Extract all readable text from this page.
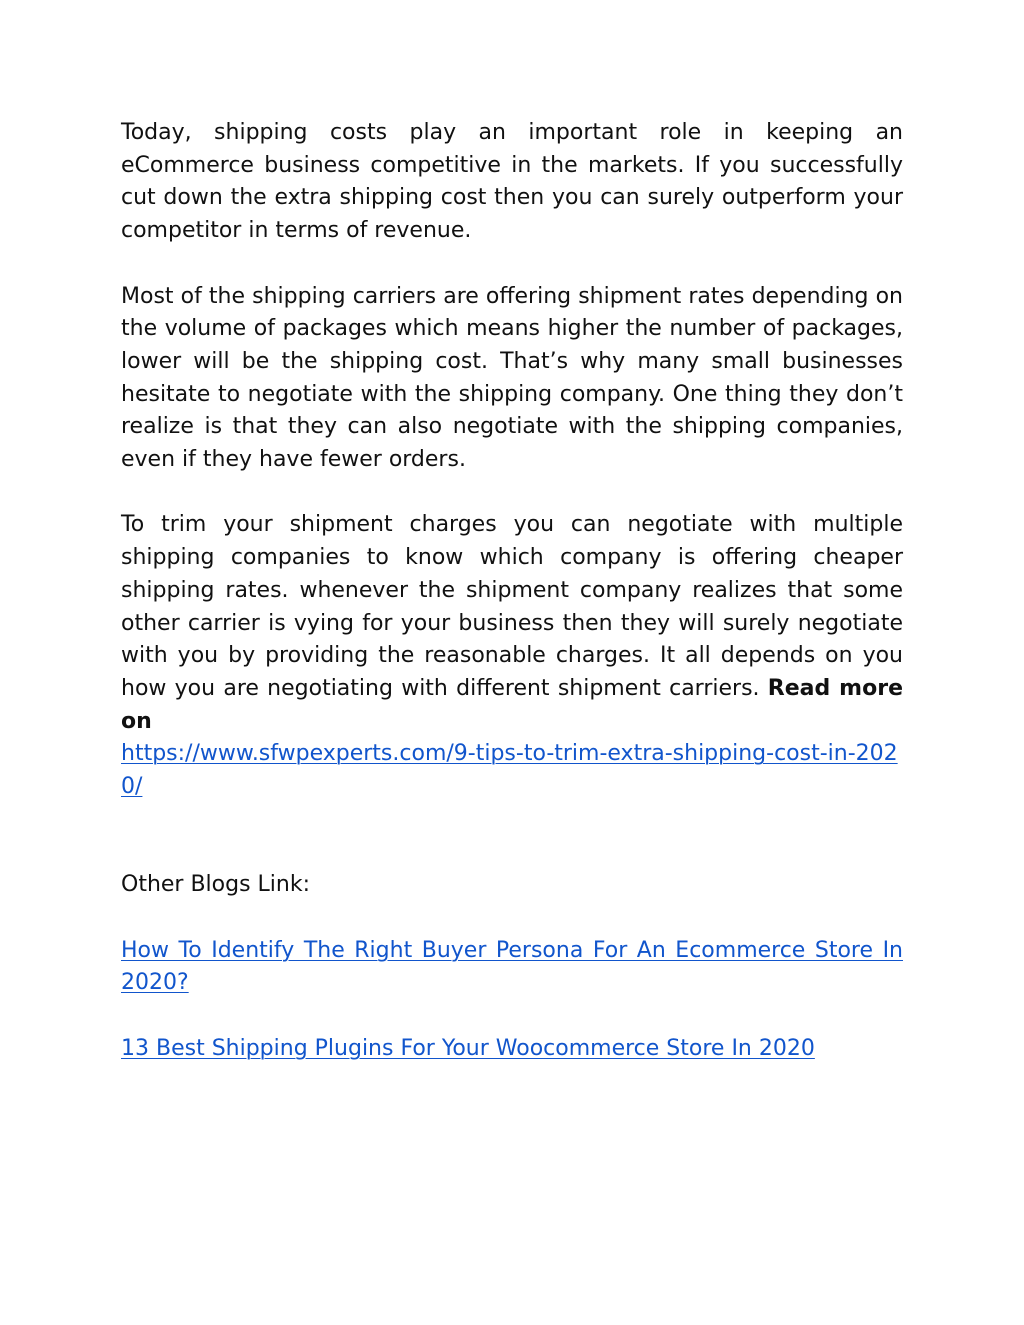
Today, shipping costs play an important role in keeping an eCommerce business competitive in the markets. If you successfully cut down the extra shipping cost then you can surely outperform your competitor in terms of revenue.

Most of the shipping carriers are offering shipment rates depending on the volume of packages which means higher the number of packages, lower will be the shipping cost. That’s why many small businesses hesitate to negotiate with the shipping company. One thing they don’t realize is that they can also negotiate with the shipping companies, even if they have fewer orders.

To trim your shipment charges you can negotiate with multiple shipping companies to know which company is offering cheaper shipping rates. whenever the shipment company realizes that some other carrier is vying for your business then they will surely negotiate with you by providing the reasonable charges. It all depends on you how you are negotiating with different shipment carriers. Read more on

https://www.sfwpexperts.com/9-tips-to-trim-extra-shipping-cost-in-2020/

Other Blogs Link:

How To Identify The Right Buyer Persona For An Ecommerce Store In 2020?

13 Best Shipping Plugins For Your Woocommerce Store In 2020
